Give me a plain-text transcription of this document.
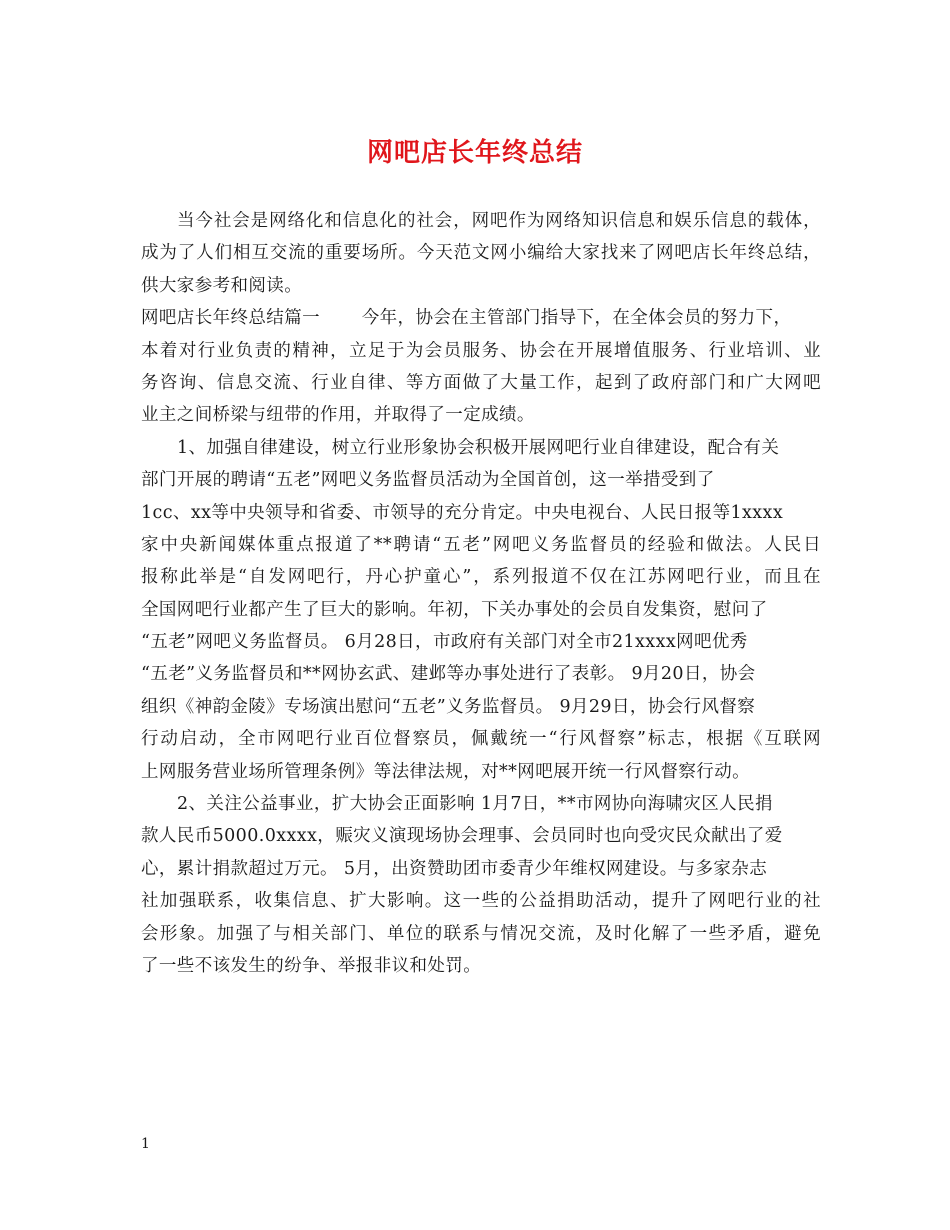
网吧店长年终总结
当今社会是网络化和信息化的社会，网吧作为网络知识信息和娱乐信息的载体，
成为了人们相互交流的重要场所。今天范文网小编给大家找来了网吧店长年终总结，
供大家参考和阅读。
网吧店长年终总结篇一　　 今年，协会在主管部门指导下，在全体会员的努力下，
本着对行业负责的精神，立足于为会员服务、协会在开展增值服务、行业培训、业
务咨询、信息交流、行业自律、等方面做了大量工作，起到了政府部门和广大网吧
业主之间桥梁与纽带的作用，并取得了一定成绩。
1、加强自律建设，树立行业形象协会积极开展网吧行业自律建设，配合有关
部门开展的聘请“五老”网吧义务监督员活动为全国首创，这一举措受到了
1cc、xx等中央领导和省委、市领导的充分肯定。中央电视台、人民日报等1xxxx
家中央新闻媒体重点报道了**聘请“五老”网吧义务监督员的经验和做法。人民日
报称此举是“自发网吧行，丹心护童心”，系列报道不仅在江苏网吧行业，而且在
全国网吧行业都产生了巨大的影响。年初，下关办事处的会员自发集资，慰问了
“五老”网吧义务监督员。 6月28日，市政府有关部门对全市21xxxx网吧优秀
“五老”义务监督员和**网协玄武、建邺等办事处进行了表彰。 9月20日，协会
组织《神韵金陵》专场演出慰问“五老”义务监督员。 9月29日，协会行风督察
行动启动，全市网吧行业百位督察员，佩戴统一“行风督察”标志，根据《互联网
上网服务营业场所管理条例》等法律法规，对**网吧展开统一行风督察行动。
2、关注公益事业，扩大协会正面影响 1月7日，**市网协向海啸灾区人民捐
款人民币5000.0xxxx，赈灾义演现场协会理事、会员同时也向受灾民众献出了爱
心，累计捐款超过万元。 5月，出资赞助团市委青少年维权网建设。与多家杂志
社加强联系，收集信息、扩大影响。这一些的公益捐助活动，提升了网吧行业的社
会形象。加强了与相关部门、单位的联系与情况交流，及时化解了一些矛盾，避免
了一些不该发生的纷争、举报非议和处罚。
1
